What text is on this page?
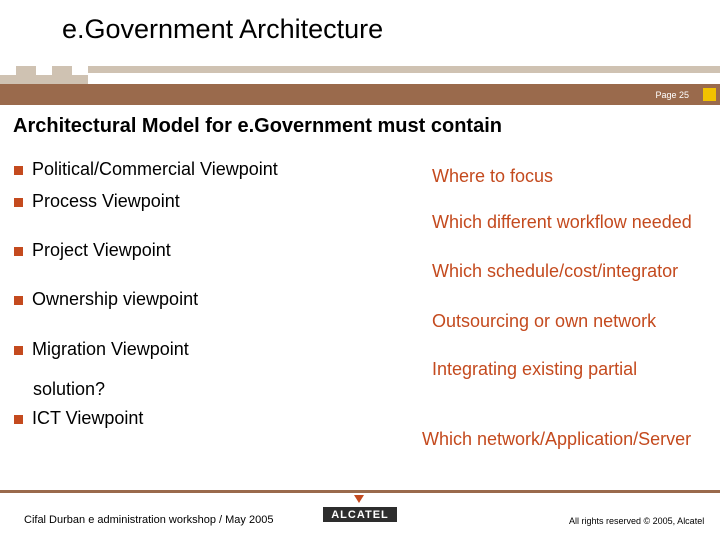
e.Government Architecture
Page 25
Architectural Model for e.Government must contain
Political/Commercial Viewpoint
Process Viewpoint
Project Viewpoint
Ownership viewpoint
Migration Viewpoint
solution?
ICT Viewpoint
Where to focus
Which different workflow needed
Which schedule/cost/integrator
Outsourcing or own network
Integrating existing partial
Which network/Application/Server
Cifal Durban e administration workshop / May 2005	ALCATEL
All rights reserved © 2005, Alcatel
